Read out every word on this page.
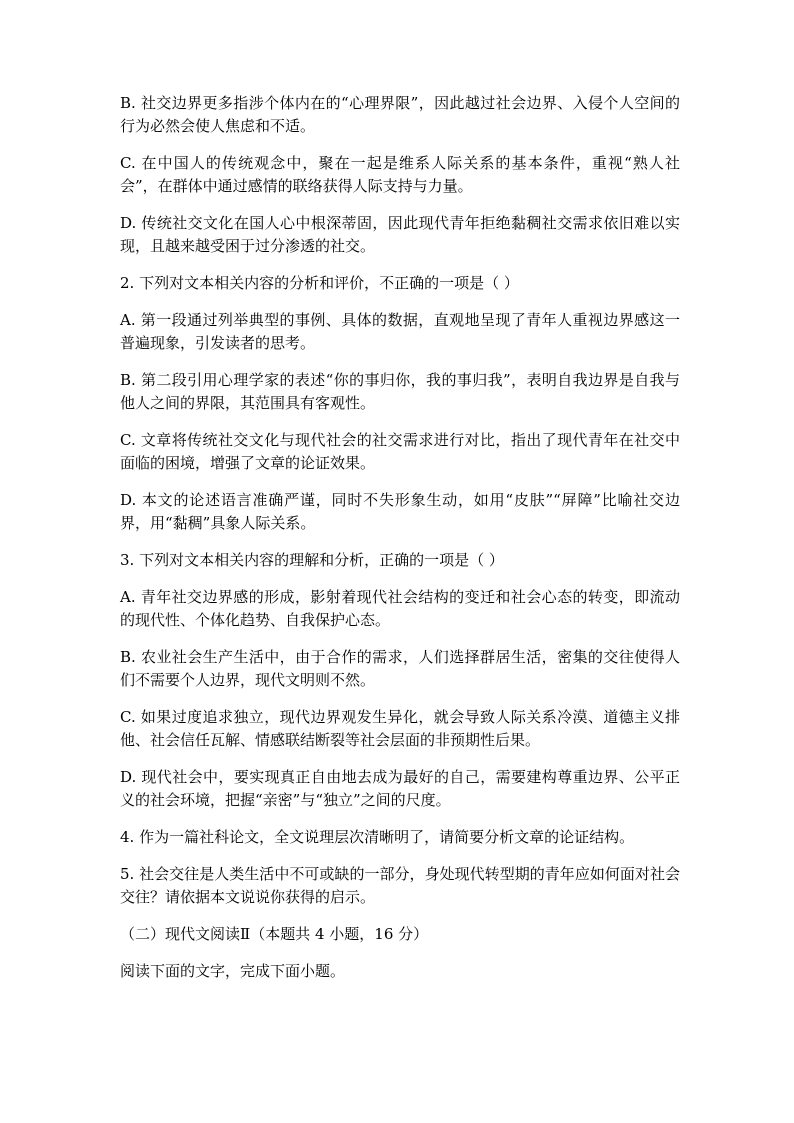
B. 社交边界更多指涉个体内在的“心理界限”，因此越过社会边界、入侵个人空间的行为必然会使人焦虑和不适。

C. 在中国人的传统观念中，聚在一起是维系人际关系的基本条件，重视“熟人社会”，在群体中通过感情的联络获得人际支持与力量。

D. 传统社交文化在国人心中根深蒂固，因此现代青年拒绝黏稠社交需求依旧难以实现，且越来越受困于过分渗透的社交。

2. 下列对文本相关内容的分析和评价，不正确的一项是（ ）

A. 第一段通过列举典型的事例、具体的数据，直观地呈现了青年人重视边界感这一普遍现象，引发读者的思考。

B. 第二段引用心理学家的表述“你的事归你，我的事归我”，表明自我边界是自我与他人之间的界限，其范围具有客观性。

C. 文章将传统社交文化与现代社会的社交需求进行对比，指出了现代青年在社交中面临的困境，增强了文章的论证效果。

D. 本文的论述语言准确严谨，同时不失形象生动，如用“皮肤”“屏障”比喻社交边界，用“黏稠”具象人际关系。

3. 下列对文本相关内容的理解和分析，正确的一项是（ ）

A. 青年社交边界感的形成，影射着现代社会结构的变迁和社会心态的转变，即流动的现代性、个体化趋势、自我保护心态。

B. 农业社会生产生活中，由于合作的需求，人们选择群居生活，密集的交往使得人们不需要个人边界，现代文明则不然。

C. 如果过度追求独立，现代边界观发生异化，就会导致人际关系冷漠、道德主义排他、社会信任瓦解、情感联结断裂等社会层面的非预期性后果。

D. 现代社会中，要实现真正自由地去成为最好的自己，需要建构尊重边界、公平正义的社会环境，把握“亲密”与“独立”之间的尺度。

4. 作为一篇社科论文，全文说理层次清晰明了，请简要分析文章的论证结构。

5. 社会交往是人类生活中不可或缺的一部分，身处现代转型期的青年应如何面对社会交往？请依据本文说说你获得的启示。

（二）现代文阅读Ⅱ（本题共 4 小题，16 分）

阅读下面的文字，完成下面小题。
